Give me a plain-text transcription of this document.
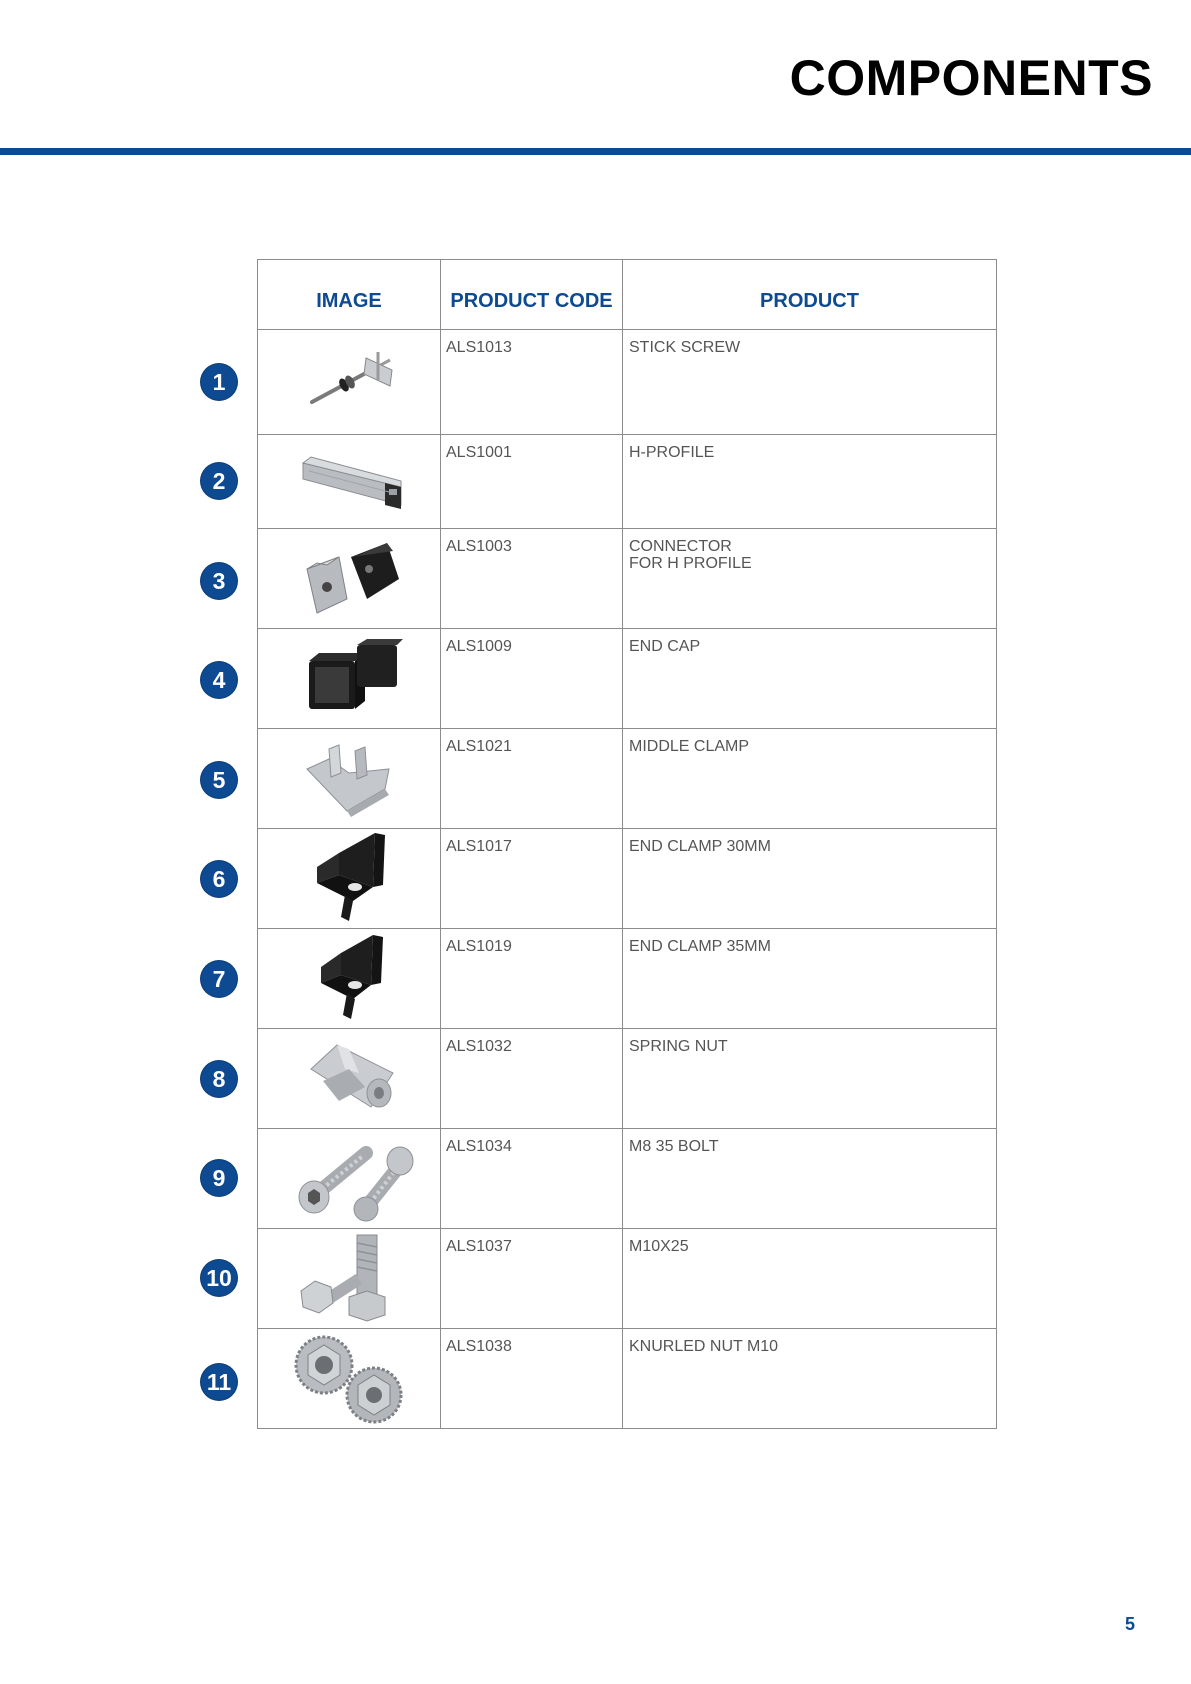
COMPONENTS
IMAGE	PRODUCT CODE	PRODUCT

	ALS1013	STICK SCREW

	ALS1001	H-PROFILE

	ALS1003	CONNECTOR
FOR H PROFILE

	ALS1009	END CAP

	ALS1021	MIDDLE CLAMP

	ALS1017	END CLAMP 30MM

	ALS1019	END CLAMP 35MM

	ALS1032	SPRING NUT

	ALS1034	M8 35 BOLT

	ALS1037	M10X25

	ALS1038	KNURLED NUT M10
1
2
3
4
5
6
7
8
9
10
11
5
